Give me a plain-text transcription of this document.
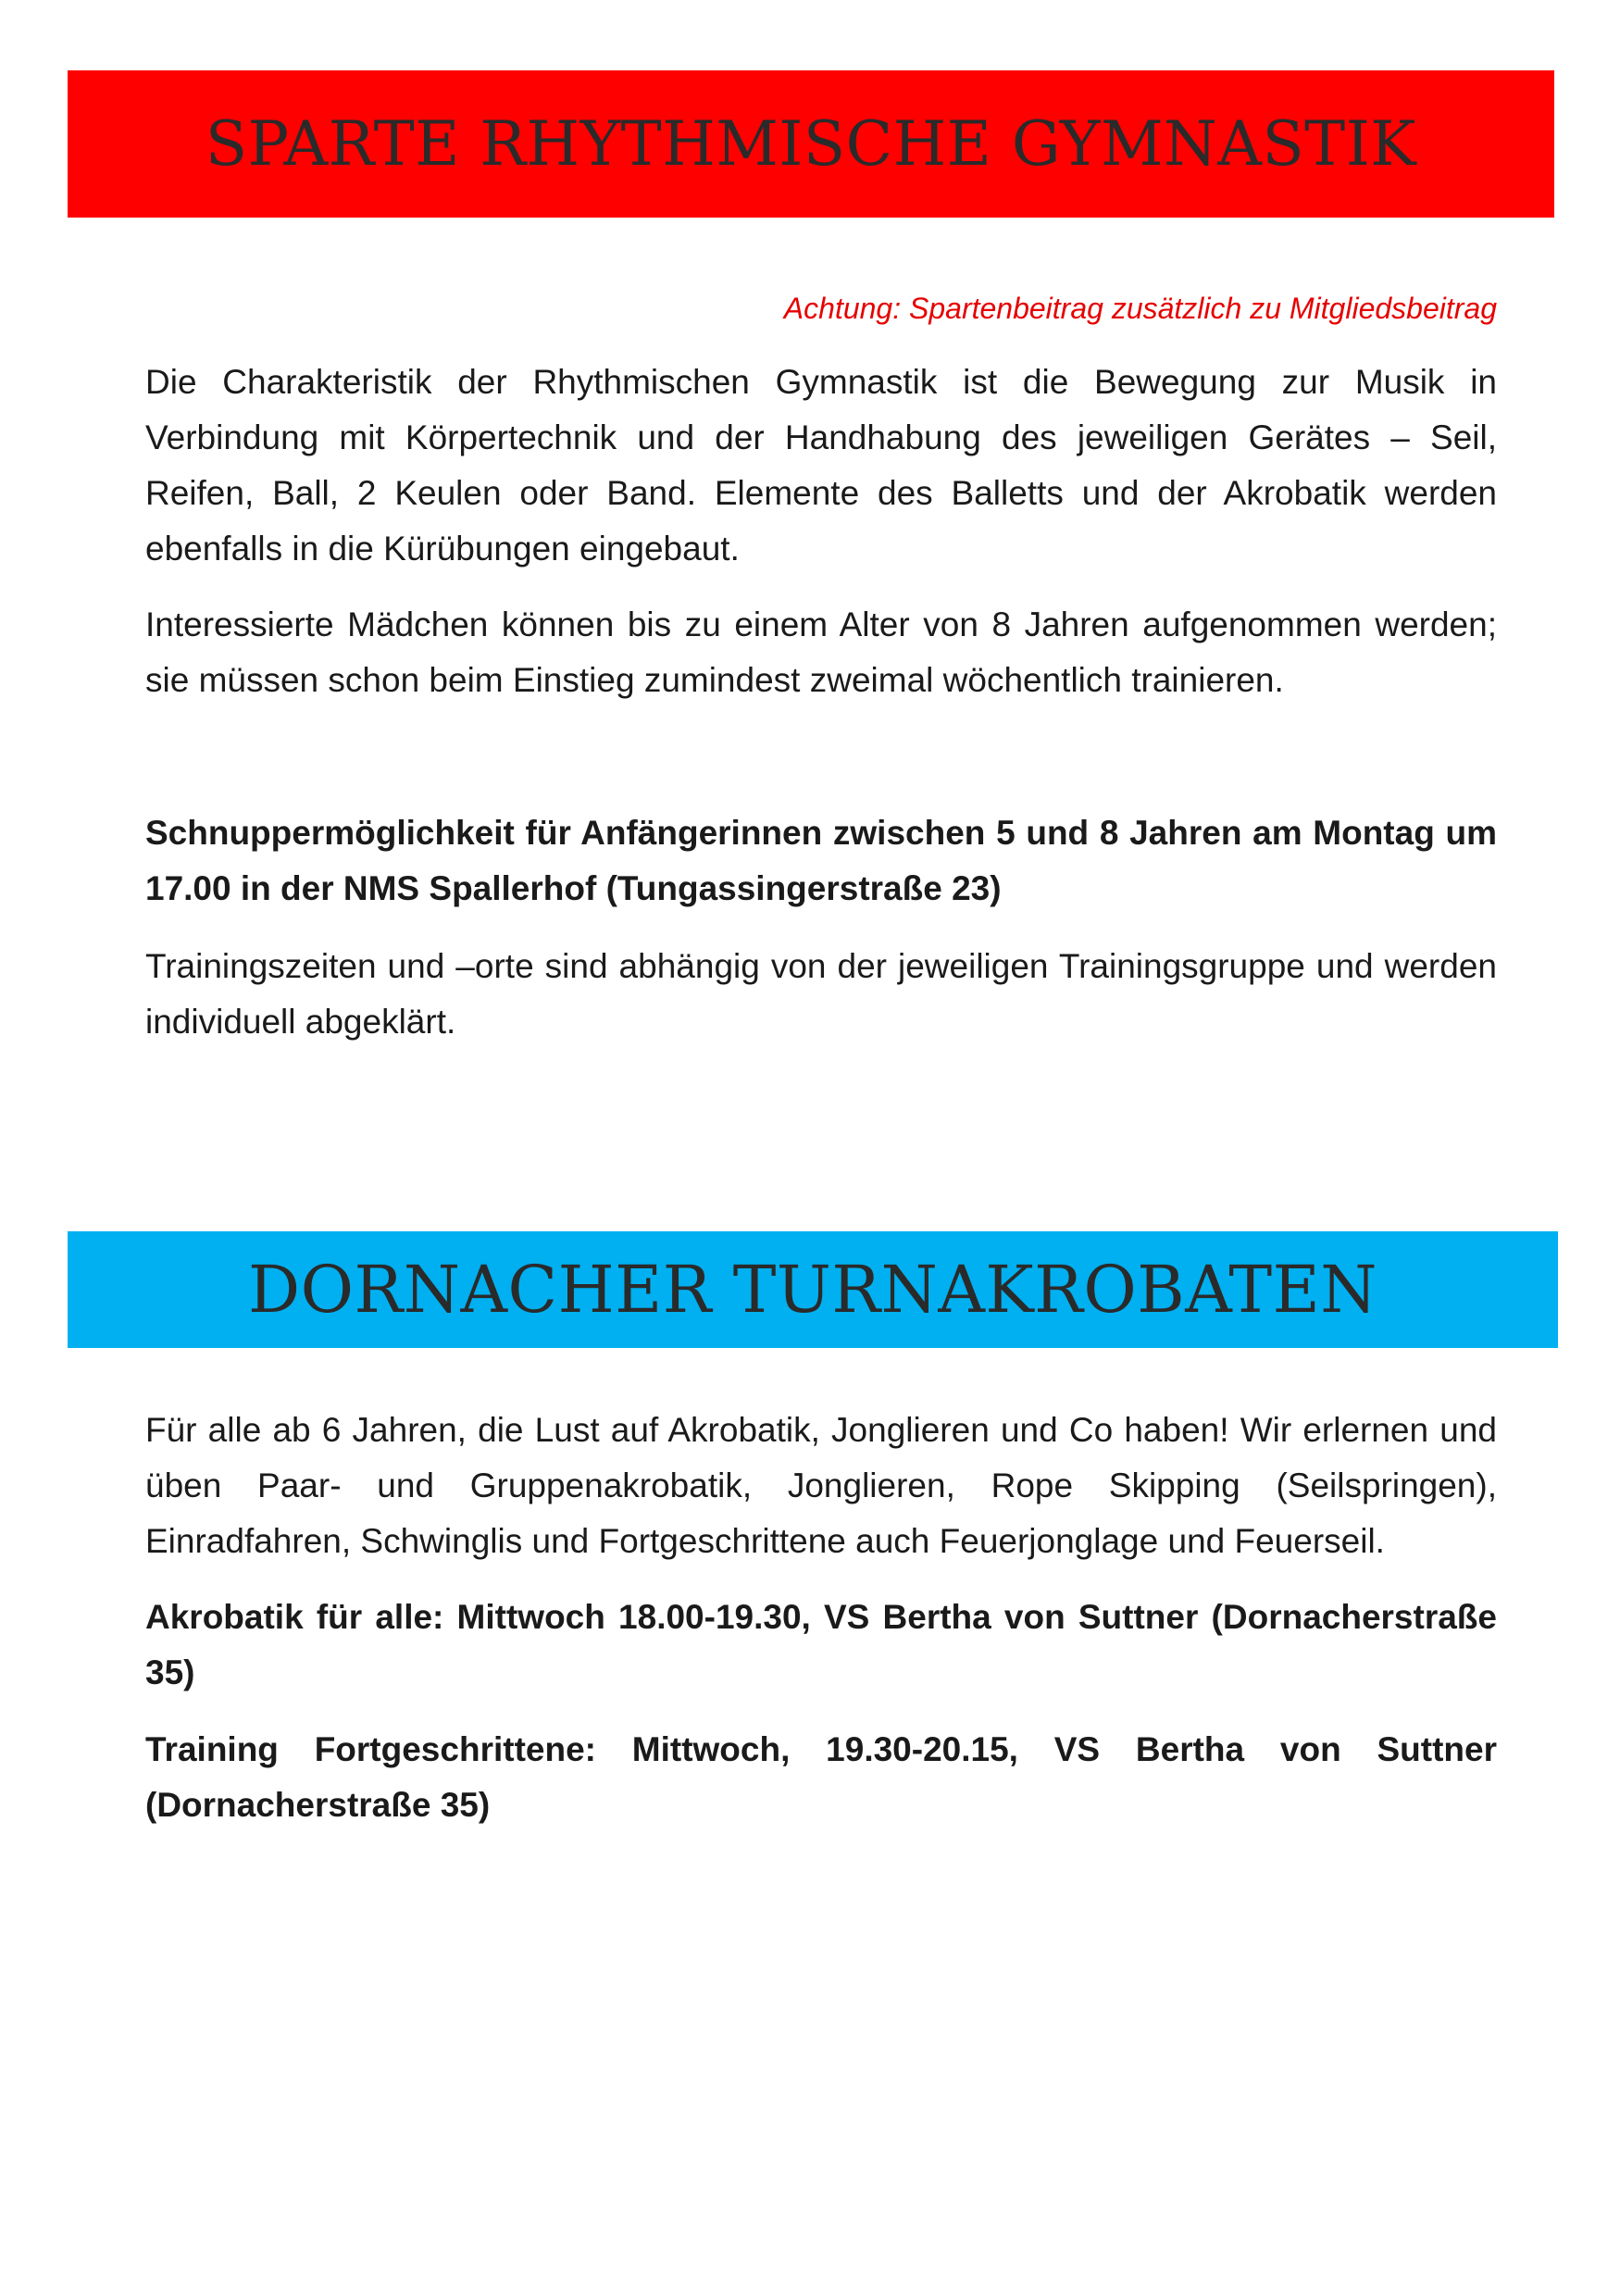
SPARTE RHYTHMISCHE GYMNASTIK
Achtung: Spartenbeitrag zusätzlich zu Mitgliedsbeitrag

Die Charakteristik der Rhythmischen Gymnastik ist die Bewegung zur Musik in Verbindung mit Körpertechnik und der Handhabung des jeweiligen Gerätes – Seil, Reifen, Ball, 2 Keulen oder Band. Elemente des Balletts und der Akrobatik werden ebenfalls in die Kürübungen eingebaut.

Interessierte Mädchen können bis zu einem Alter von 8 Jahren aufgenommen werden; sie müssen schon beim Einstieg zumindest zweimal wöchentlich trainieren.

Schnuppermöglichkeit für Anfängerinnen zwischen 5 und 8 Jahren am Montag um 17.00 in der NMS Spallerhof (Tungassingerstraße 23)

Trainingszeiten und –orte sind abhängig von der jeweiligen Trainingsgruppe und werden individuell abgeklärt.

DORNACHER TURNAKROBATEN

Für alle ab 6 Jahren, die Lust auf Akrobatik, Jonglieren und Co haben! Wir erlernen und üben Paar- und Gruppenakrobatik, Jonglieren, Rope Skipping (Seilspringen), Einradfahren, Schwinglis und Fortgeschrittene auch Feuerjonglage und Feuerseil.

Akrobatik für alle: Mittwoch 18.00-19.30, VS Bertha von Suttner (Dornacherstraße 35)

Training Fortgeschrittene: Mittwoch, 19.30-20.15, VS Bertha von Suttner (Dornacherstraße 35)
